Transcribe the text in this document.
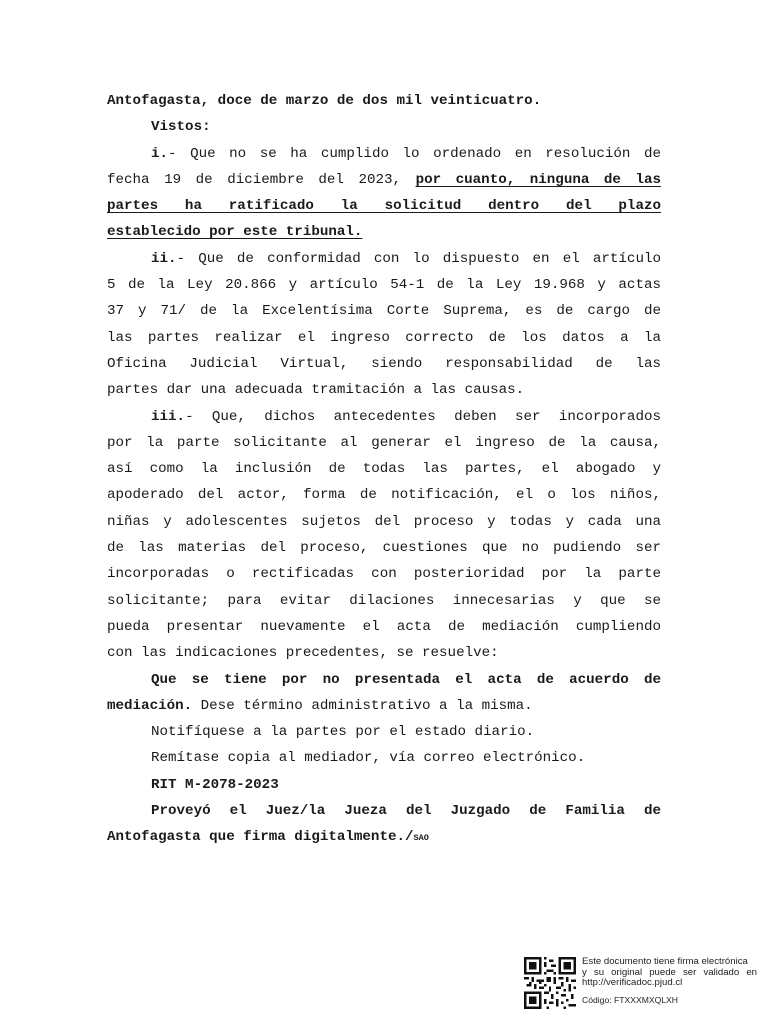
Antofagasta, doce de marzo de dos mil veinticuatro.
Vistos:
i.- Que no se ha cumplido lo ordenado en resolución de
fecha 19 de diciembre del 2023, por cuanto, ninguna de las
partes ha ratificado la solicitud dentro del plazo
establecido por este tribunal.
ii.- Que de conformidad con lo dispuesto en el artículo
5 de la Ley 20.866 y artículo 54-1 de la Ley 19.968 y actas
37 y 71/ de la Excelentísima Corte Suprema, es de cargo de
las partes realizar el ingreso correcto de los datos a la
Oficina Judicial Virtual, siendo responsabilidad de las
partes dar una adecuada tramitación a las causas.
iii.- Que, dichos antecedentes deben ser incorporados
por la parte solicitante al generar el ingreso de la causa,
así como la inclusión de todas las partes, el abogado y
apoderado del actor, forma de notificación, el o los niños,
niñas y adolescentes sujetos del proceso y todas y cada una
de las materias del proceso, cuestiones que no pudiendo ser
incorporadas o rectificadas con posterioridad por la parte
solicitante; para evitar dilaciones innecesarias y que se
pueda presentar nuevamente el acta de mediación cumpliendo
con las indicaciones precedentes, se resuelve:
Que se tiene por no presentada el acta de acuerdo de
mediación. Dese término administrativo a la misma.
Notifíquese a la partes por el estado diario.
Remítase copia al mediador, vía correo electrónico.
RIT M-2078-2023
Proveyó el Juez/la Jueza del Juzgado de Familia de
Antofagasta que firma digitalmente./SAO
Este documento tiene firma electrónica
y su original puede ser validado en
http://verificadoc.pjud.cl
Código: FTXXXMXQLXH
